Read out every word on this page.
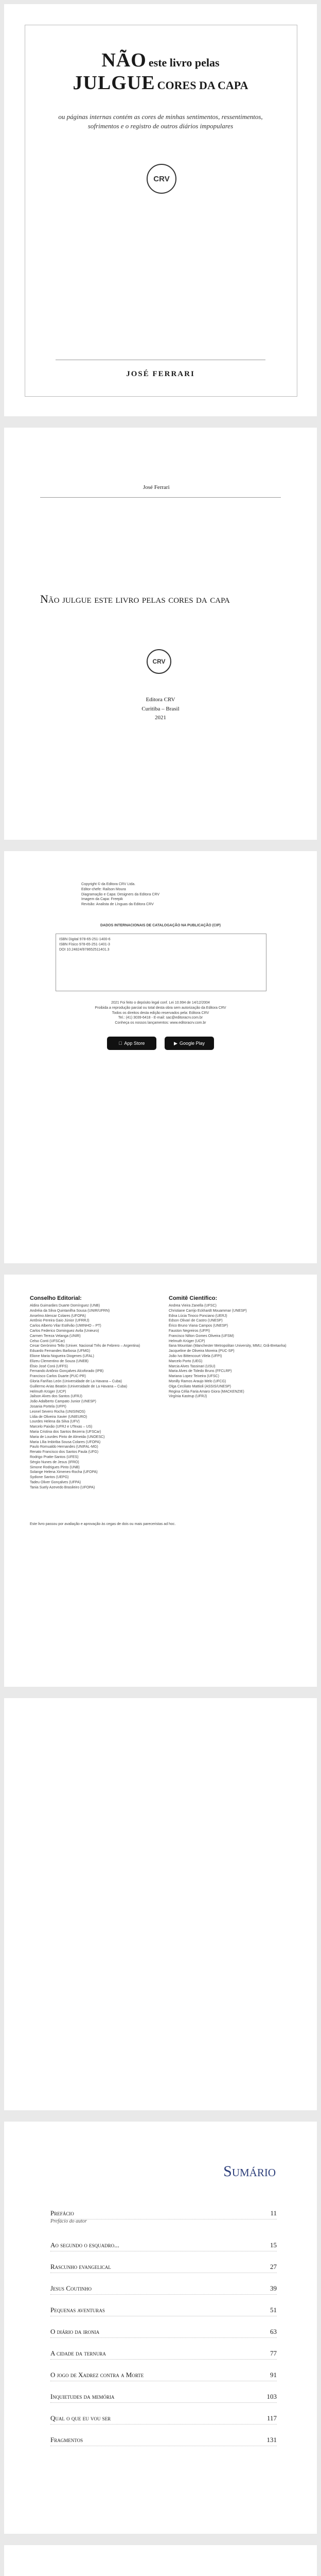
NÃO este livro pelas
JULGUE CORES DA CAPA
ou páginas internas contém as cores de minhas sentimentos, ressentimentos, sofrimentos e o registro de outros diários impopulares
CRV
JOSÉ FERRARI
José Ferrari
Não julgue este livro pelas cores da capa
CRV
Editora CRV
Curitiba – Brasil
2021
Copyright © da Editora CRV Ltda.
Editor-chefe: Railson Moura
Diagramação e Capa: Designers da Editora CRV
Imagem da Capa: Freepik
Revisão: Analista de Línguas da Editora CRV
DADOS INTERNACIONAIS DE CATALOGAÇÃO NA PUBLICAÇÃO (CIP)
ISBN Digital 978-65-251-1400-6
ISBN Físico 978-65-251-1401-3
DOI 10.24824/978652511401.3
2021 Foi feito o depósito legal conf. Lei 10.994 de 14/12/2004
Proibida a reprodução parcial ou total desta obra sem autorização da Editora CRV
Todos os direitos desta edição reservados pela: Editora CRV
Tel.: (41) 3039-6418 - E-mail: sac@editoracrv.com.br
Conheça os nossos lançamentos: www.editoracrv.com.br
App Store	▶ Google Play
Conselho Editorial:
Aldira Guimarães Duarte Domínguez (UNB)
Andréia da Silva Quintanilha Sousa (UNIR/UFRN)
Anselmo Alencar Colares (UFOPA)
Antônio Pereira Gaio Júnior (UFRRJ)
Carlos Alberto Vilar Estêvão (UMINHO – PT)
Carlos Federico Dominguez Avila (Unieuro)
Carmen Tereza Velanga (UNIR)
Celso Conti (UFSCar)
Cesar Gerónimo Tello (Univer. Nacional Três de Febrero – Argentina)
Eduardo Fernandes Barbosa (UFMG)
Elione Maria Nogueira Diogenes (UFAL)
Elizeu Clementino de Souza (UNEB)
Élsio José Corá (UFFS)
Fernando Antônio Gonçalves Alcoforado (IPB)
Francisco Carlos Duarte (PUC-PR)
Gloria Fariñas León (Universidade de La Havana – Cuba)
Guillermo Arias Beatón (Universidade de La Havana – Cuba)
Helmuth Krüger (UCP)
Jailson Alves dos Santos (UFRJ)
João Adalberto Campato Junior (UNESP)
Josania Portela (UFPI)
Leonel Severo Rocha (UNISINOS)
Lídia de Oliveira Xavier (UNIEURO)
Lourdes Helena da Silva (UFV)
Marcelo Paixão (UFRJ e UTexas – US)
Maria Cristina dos Santos Bezerra (UFSCar)
Maria de Lourdes Pinto de Almeida (UNOESC)
Maria Lília Imbiriba Sousa Colares (UFOPA)
Paulo Romualdo Hernandes (UNIFAL-MG)
Renato Francisco dos Santos Paula (UFG)
Rodrigo Pratte-Santos (UFES)
Sérgio Nunes de Jesus (IFRO)
Simone Rodrigues Pinto (UNB)
Solange Helena Ximenes-Rocha (UFOPA)
Sydione Santos (UEPG)
Tadeu Oliver Gonçalves (UFPA)
Tania Suely Azevedo Brasileiro (UFOPA)
Comitê Científico:
Andrea Vieira Zanella (UFSC)
Christiane Carrijo Eckhardt Mouammar (UNESP)
Edna Lúcia Tinoco Ponciano (UERJ)
Edson Olivari de Castro (UNESP)
Érico Bruno Viana Campos (UNESP)
Fauston Negreiros (UFPI)
Francisco Nilton Gomes Oliveira (UFSM)
Helmuth Krüger (UCP)
Ilana Mountian (Manchester Metropolitan University, MMU, Grã-Bretanha)
Jacqueline de Oliveira Moreira (PUC-SP)
João Ivo Bittencourt Vilela (UFPI)
Marcelo Porto (UEG)
Marcia Alves Tassinari (USU)
Maria Alves de Toledo Bruns (FFCLRP)
Mariana Lopez Teixeira (UFSC)
Monilly Ramos Araujo Melo (UFCG)
Olga Ceciliato Mattioli (ASSIS/UNESP)
Regina Célia Faria Amaro Giora (MACKENZIE)
Virgínia Kastrup (UFRJ)
Este livro passou por avaliação e aprovação às cegas de dois ou mais pareceristas ad hoc.
Sumário
Prefácio do autor
Prefácio	11
Ao segundo o esquadro...	15
Rascunho evangelical	27
Jesus Coutinho	39
Pequenas aventuras	51
O diário da ironia	63
A cidade da ternura	77
O jogo de Xadrez contra a Morte	91
Inquietudes da memória	103
Qual o que eu vou ser	117
Fragmentos	131
